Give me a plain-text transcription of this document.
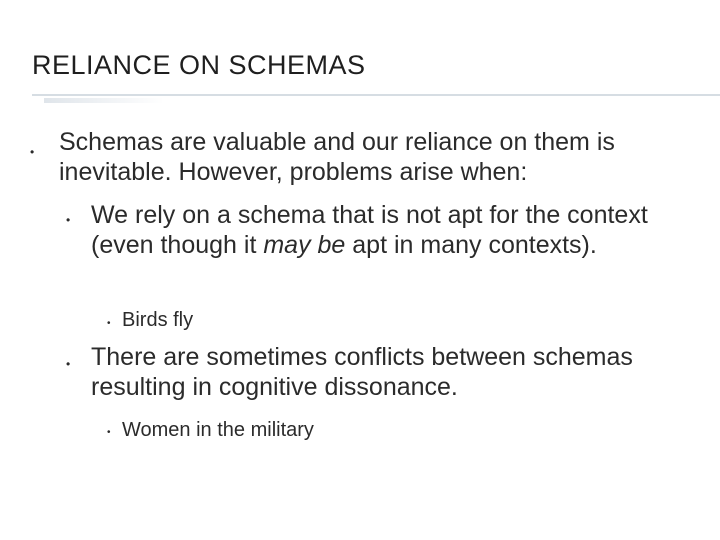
RELIANCE ON SCHEMAS
• Schemas are valuable and our reliance on them is inevitable. However, problems arise when:
• We rely on a schema that is not apt for the context (even though it may be apt in many contexts).
• Birds fly
• There are sometimes conflicts between schemas resulting in cognitive dissonance.
• Women in the military
